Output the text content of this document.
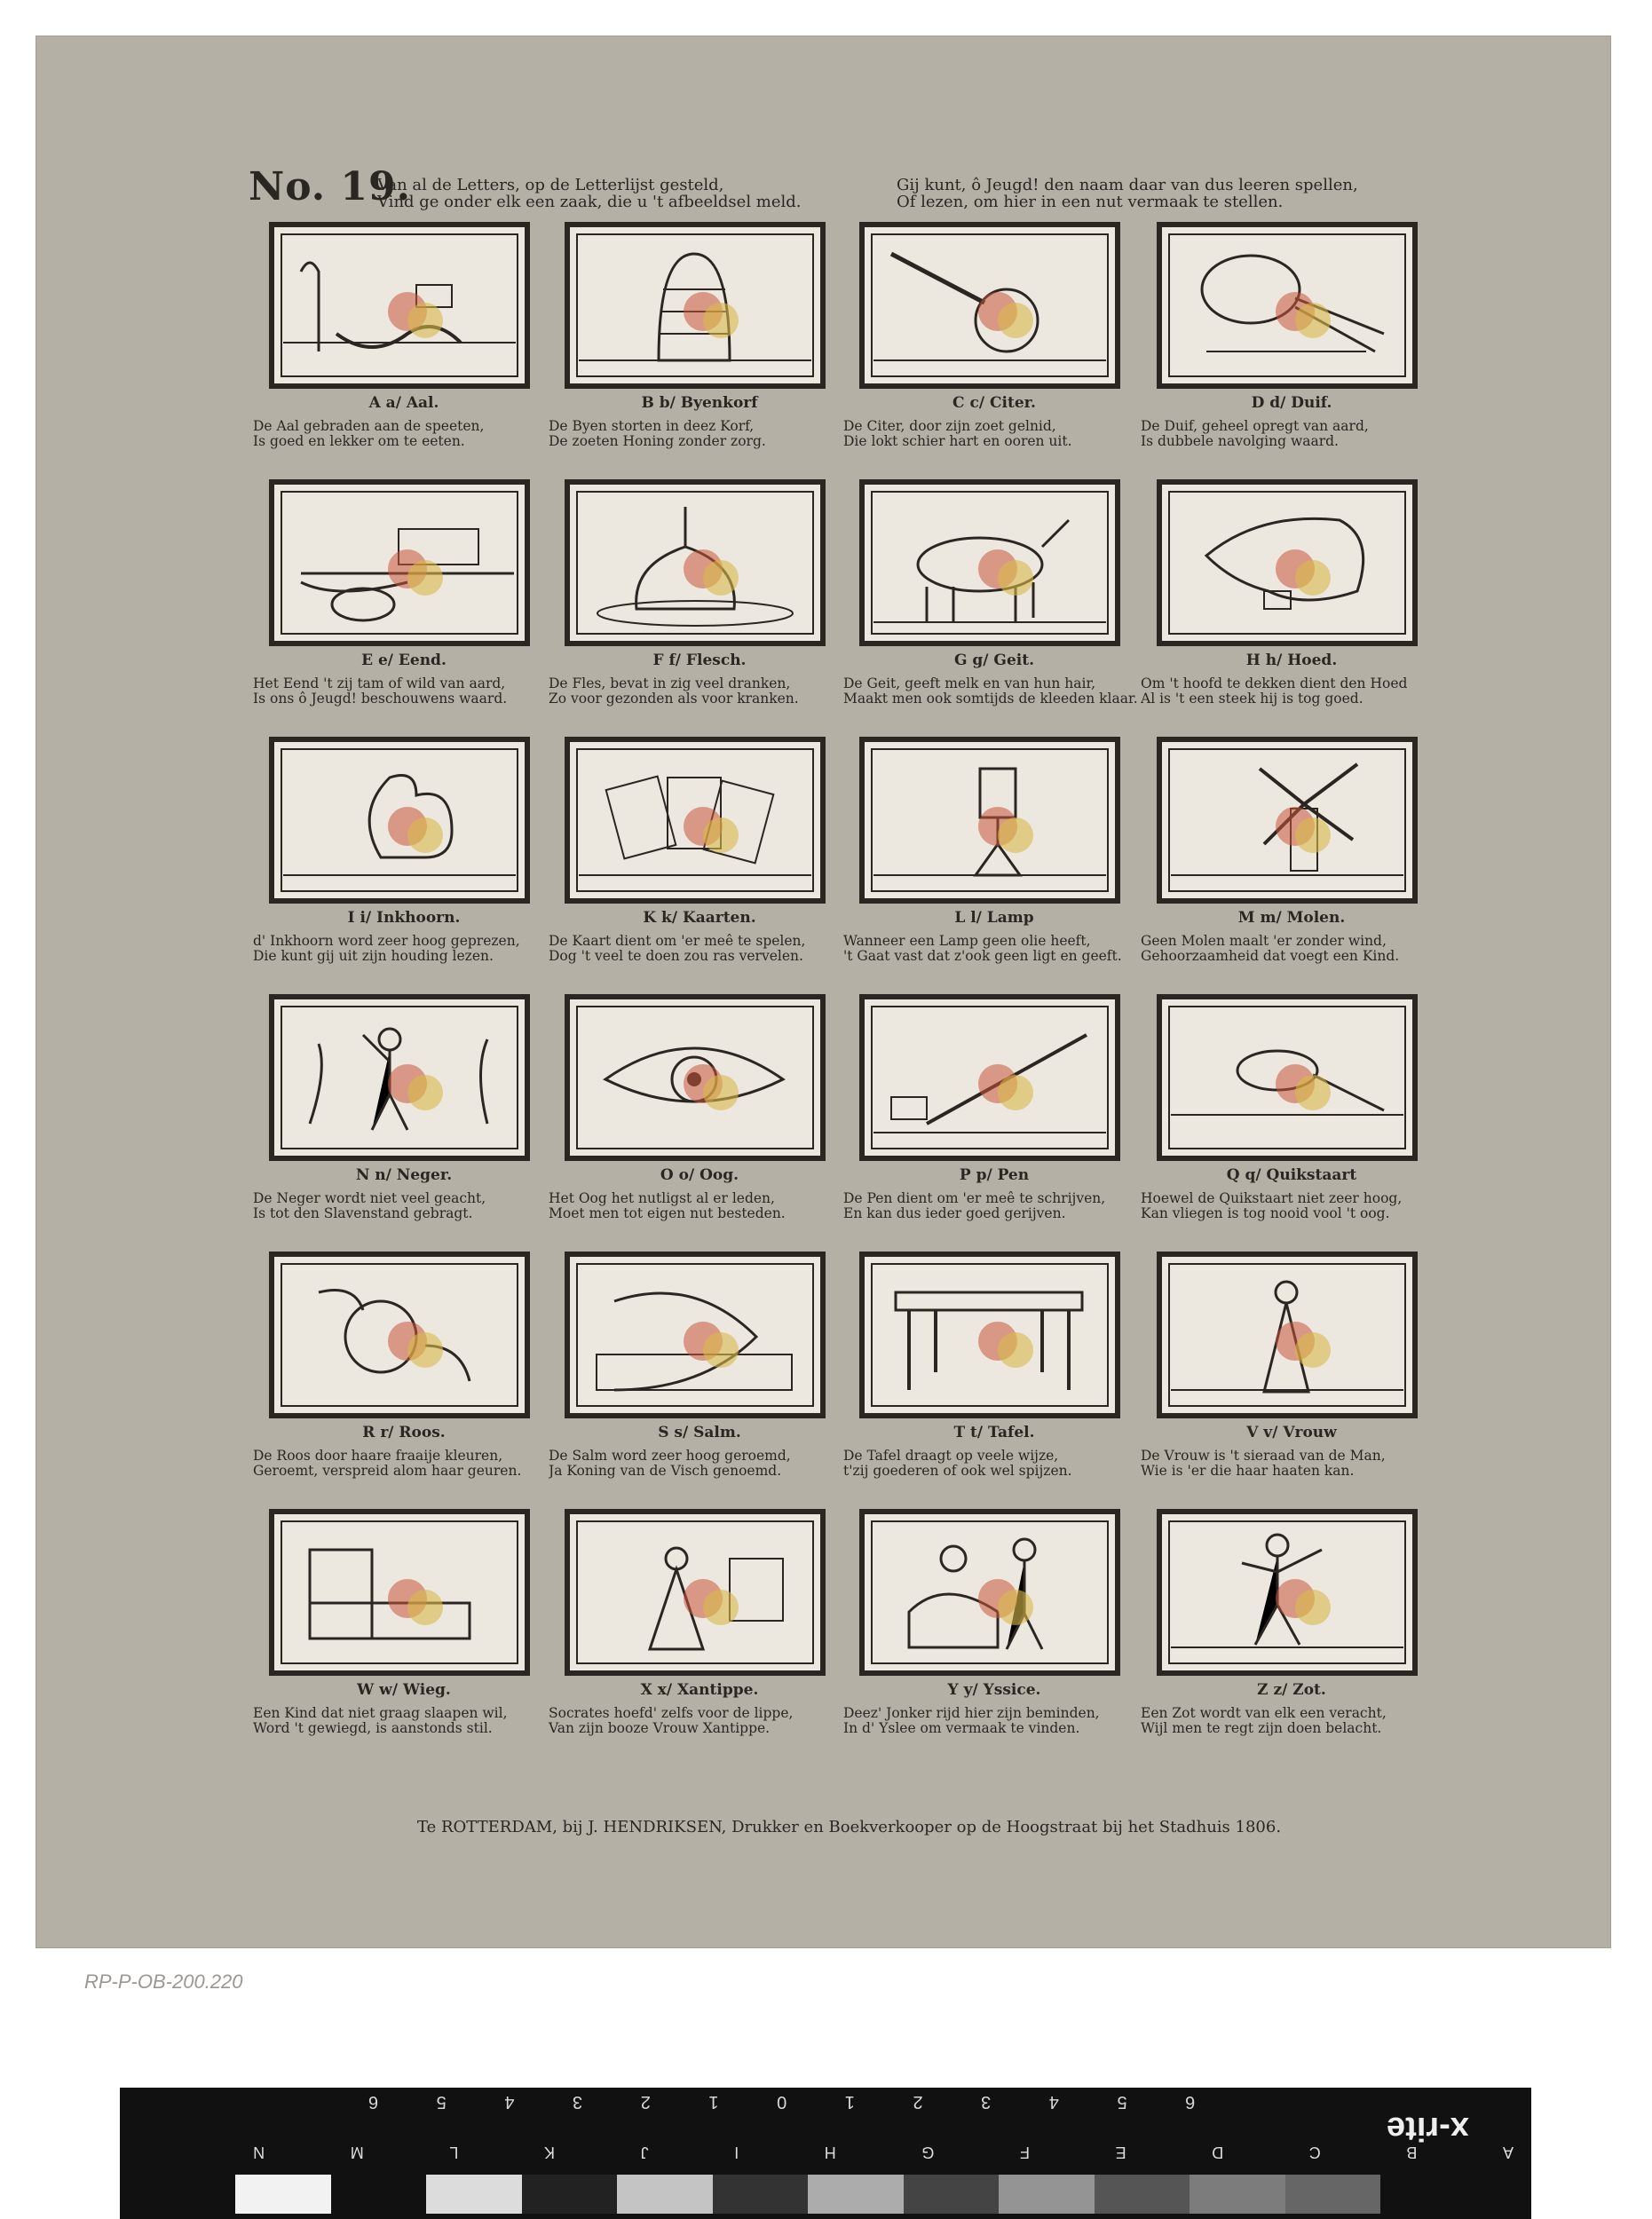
No. 19.
Van al de Letters, op de Letterlijst gesteld,
Vind ge onder elk een zaak, die u 't afbeeldsel meld.
Gij kunt, ô Jeugd! den naam daar van dus leeren spellen,
Of lezen, om hier in een nut vermaak te stellen.
A a/ Aal.
De Aal gebraden aan de speeten,
Is goed en lekker om te eeten.
B b/ Byenkorf
De Byen storten in deez Korf,
De zoeten Honing zonder zorg.
C c/ Citer.
De Citer, door zijn zoet gelnid,
Die lokt schier hart en ooren uit.
D d/ Duif.
De Duif, geheel opregt van aard,
Is dubbele navolging waard.
E e/ Eend.
Het Eend 't zij tam of wild van aard,
Is ons ô Jeugd! beschouwens waard.
F f/ Flesch.
De Fles, bevat in zig veel dranken,
Zo voor gezonden als voor kranken.
G g/ Geit.
De Geit, geeft melk en van hun hair,
Maakt men ook somtijds de kleeden klaar.
H h/ Hoed.
Om 't hoofd te dekken dient den Hoed
Al is 't een steek hij is tog goed.
I i/ Inkhoorn.
d' Inkhoorn word zeer hoog geprezen,
Die kunt gij uit zijn houding lezen.
K k/ Kaarten.
De Kaart dient om 'er meê te spelen,
Dog 't veel te doen zou ras vervelen.
L l/ Lamp
Wanneer een Lamp geen olie heeft,
't Gaat vast dat z'ook geen ligt en geeft.
M m/ Molen.
Geen Molen maalt 'er zonder wind,
Gehoorzaamheid dat voegt een Kind.
N n/ Neger.
De Neger wordt niet veel geacht,
Is tot den Slavenstand gebragt.
O o/ Oog.
Het Oog het nutligst al er leden,
Moet men tot eigen nut besteden.
P p/ Pen
De Pen dient om 'er meê te schrijven,
En kan dus ieder goed gerijven.
Q q/ Quikstaart
Hoewel de Quikstaart niet zeer hoog,
Kan vliegen is tog nooid vool 't oog.
R r/ Roos.
De Roos door haare fraaije kleuren,
Geroemt, verspreid alom haar geuren.
S s/ Salm.
De Salm word zeer hoog geroemd,
Ja Koning van de Visch genoemd.
T t/ Tafel.
De Tafel draagt op veele wijze,
t'zij goederen of ook wel spijzen.
V v/ Vrouw
De Vrouw is 't sieraad van de Man,
Wie is 'er die haar haaten kan.
W w/ Wieg.
Een Kind dat niet graag slaapen wil,
Word 't gewiegd, is aanstonds stil.
X x/ Xantippe.
Socrates hoefd' zelfs voor de lippe,
Van zijn booze Vrouw Xantippe.
Y y/ Yssice.
Deez' Jonker rijd hier zijn beminden,
In d' Yslee om vermaak te vinden.
Z z/ Zot.
Een Zot wordt van elk een veracht,
Wijl men te regt zijn doen belacht.
Te ROTTERDAM, bij J. HENDRIKSEN, Drukker en Boekverkooper op de Hoogstraat bij het Stadhuis 1806.
RP-P-OB-200.220
6 5 4 3 2 1 0 1 2 3 4 5 6
x-rite
A
B
C
D
E
F
G
H
I
J
K
L
M
N
